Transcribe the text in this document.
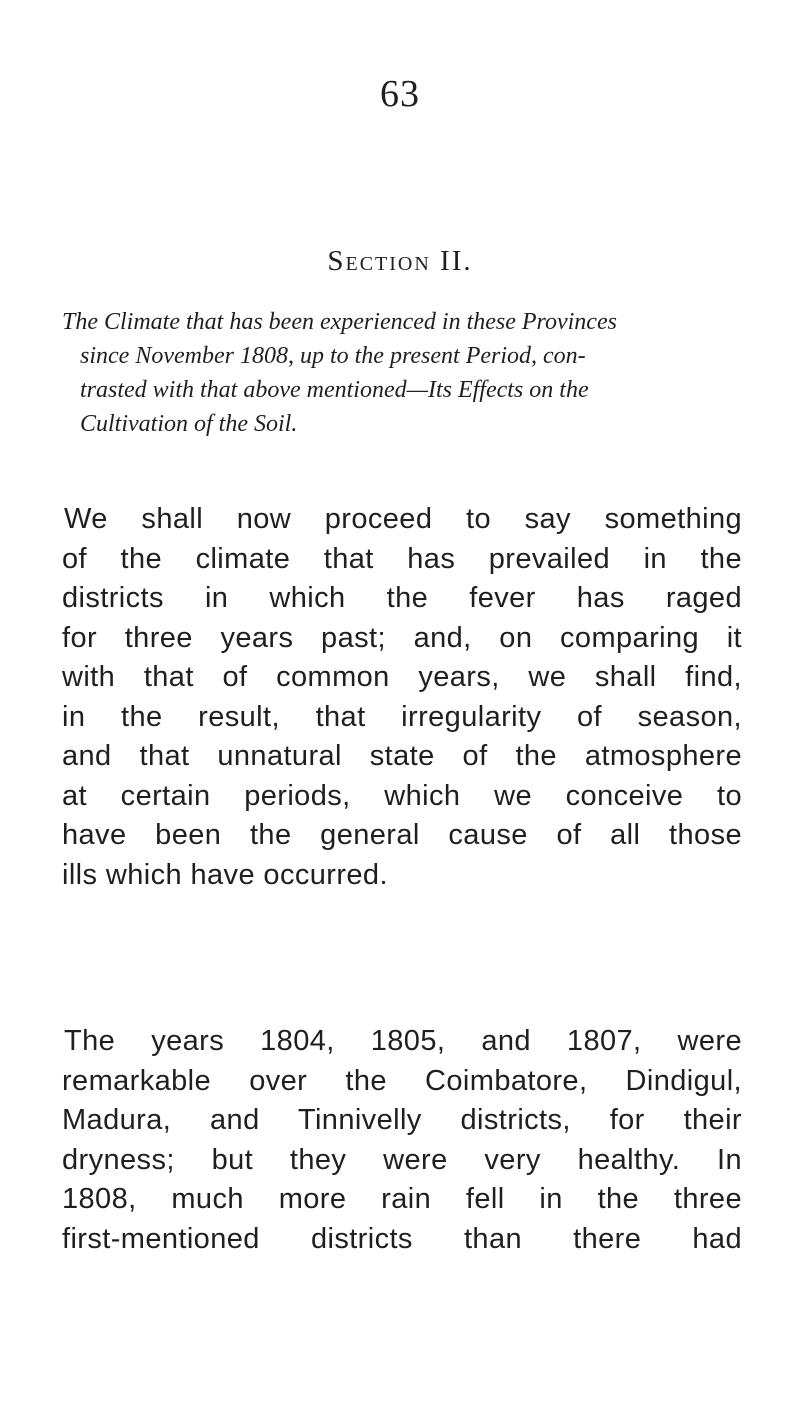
63
Section II.
The Climate that has been experienced in these Provinces
since November 1808, up to the present Period, con-
trasted with that above mentioned—Its Effects on the
Cultivation of the Soil.
We shall now proceed to say something
of the climate that has prevailed in the
districts in which the fever has raged
for three years past; and, on comparing it
with that of common years, we shall find,
in the result, that irregularity of season,
and that unnatural state of the atmosphere
at certain periods, which we conceive to
have been the general cause of all those
ills which have occurred.
The years 1804, 1805, and 1807, were
remarkable over the Coimbatore, Dindigul,
Madura, and Tinnivelly districts, for their
dryness; but they were very healthy. In
1808, much more rain fell in the three
first-mentioned districts than there had
